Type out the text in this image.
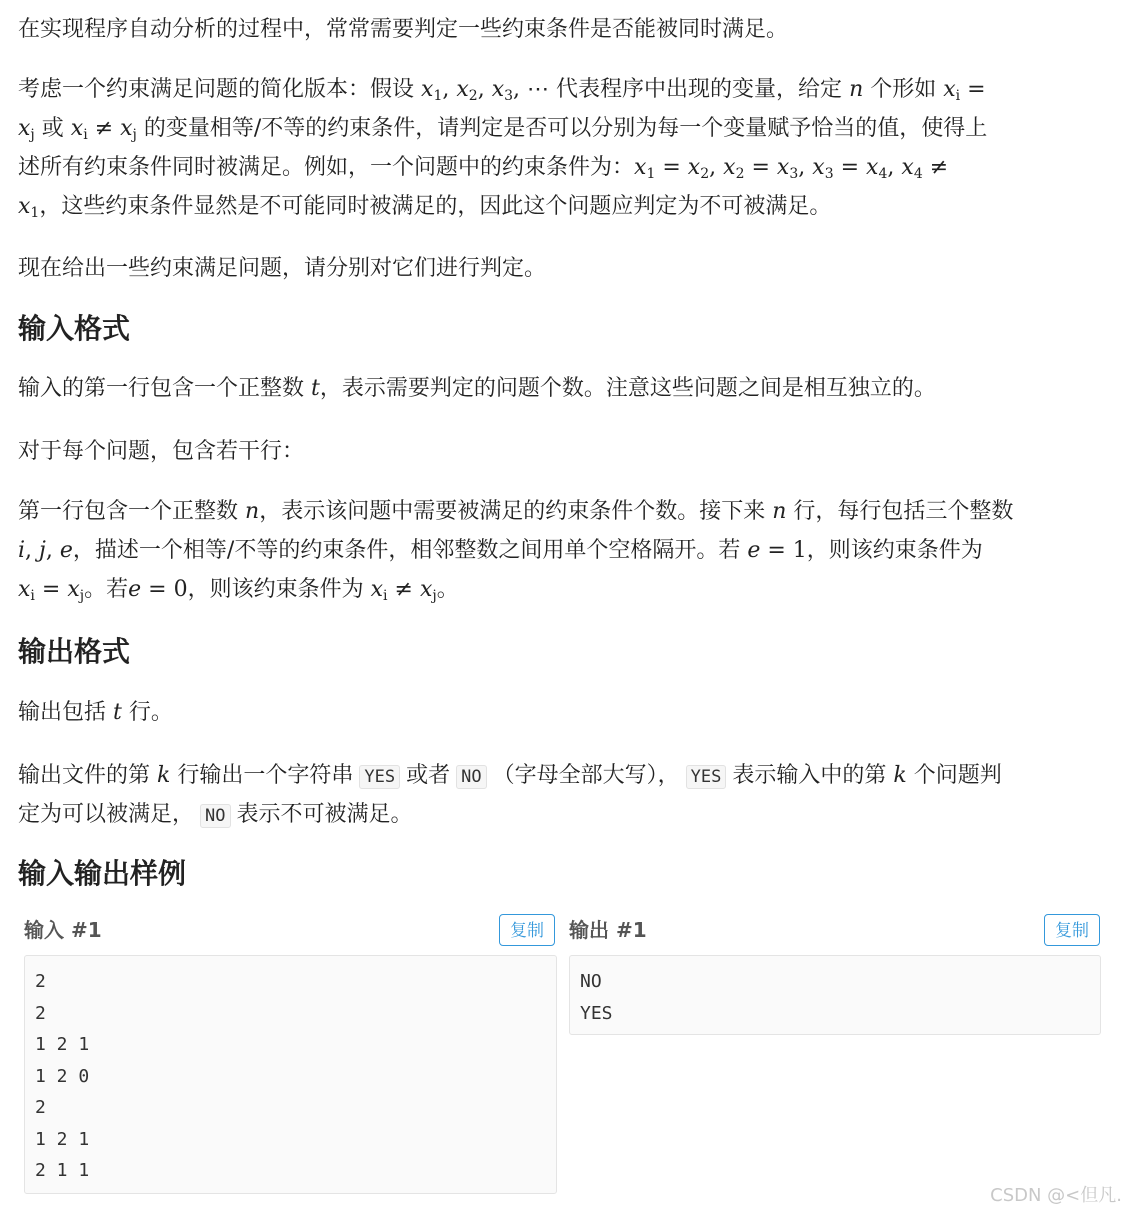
在实现程序自动分析的过程中，常常需要判定一些约束条件是否能被同时满足。

考虑一个约束满足问题的简化版本：假设 $x_1$, $x_2$, $x_3$, ⋯ 代表程序中出现的变量，给定 n 个形如 $x_i$ =

$x_j$ 或 $x_i \ne x_j$ 的变量相等/不等的约束条件，请判定是否可以分别为每一个变量赋予恰当的值，使得上

述所有约束条件同时被满足。例如，一个问题中的约束条件为：$x_1 = x_2$, $x_2 = x_3$, $x_3 = x_4$, $x_4$ ≠

$x_1$，这些约束条件显然是不可能同时被满足的，因此这个问题应判定为不可被满足。

现在给出一些约束满足问题，请分别对它们进行判定。

输入格式

输入的第一行包含一个正整数 t，表示需要判定的问题个数。注意这些问题之间是相互独立的。

对于每个问题，包含若干行：

第一行包含一个正整数 n，表示该问题中需要被满足的约束条件个数。接下来 n 行，每行包括三个整数

i, j, e，描述一个相等/不等的约束条件，相邻整数之间用单个空格隔开。若 e = 1，则该约束条件为

$x_i = x_j$。若e = 0，则该约束条件为 $x_i \ne x_j$。

输出格式

输出包括 t 行。

输出文件的第 k 行输出一个字符串 YES 或者 NO （字母全部大写）， YES 表示输入中的第 k 个问题判

定为可以被满足， NO 表示不可被满足。

输入输出样例
输入 #1	复制	输出 #1	复制
2
2
1 2 1
1 2 0
2
1 2 1
2 1 1
NO
YES
CSDN @<但凡.
